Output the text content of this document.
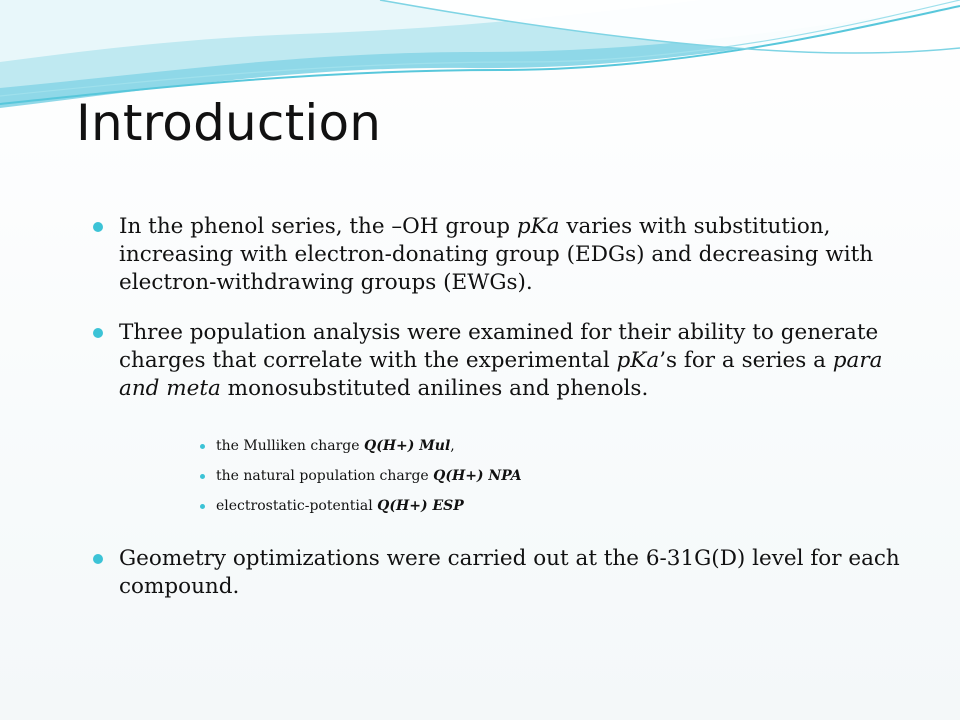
Introduction
In the phenol series, the –OH group pKa varies with substitution, increasing with electron-donating group (EDGs) and decreasing with electron-withdrawing groups (EWGs).
Three population analysis were examined for their ability to generate charges that correlate with the experimental pKa’s for a series a para and meta monosubstituted anilines and phenols.
the Mulliken charge Q(H+) Mul,
the natural population charge Q(H+) NPA
electrostatic-potential Q(H+) ESP
Geometry optimizations were carried out at the 6-31G(D) level for each compound.
